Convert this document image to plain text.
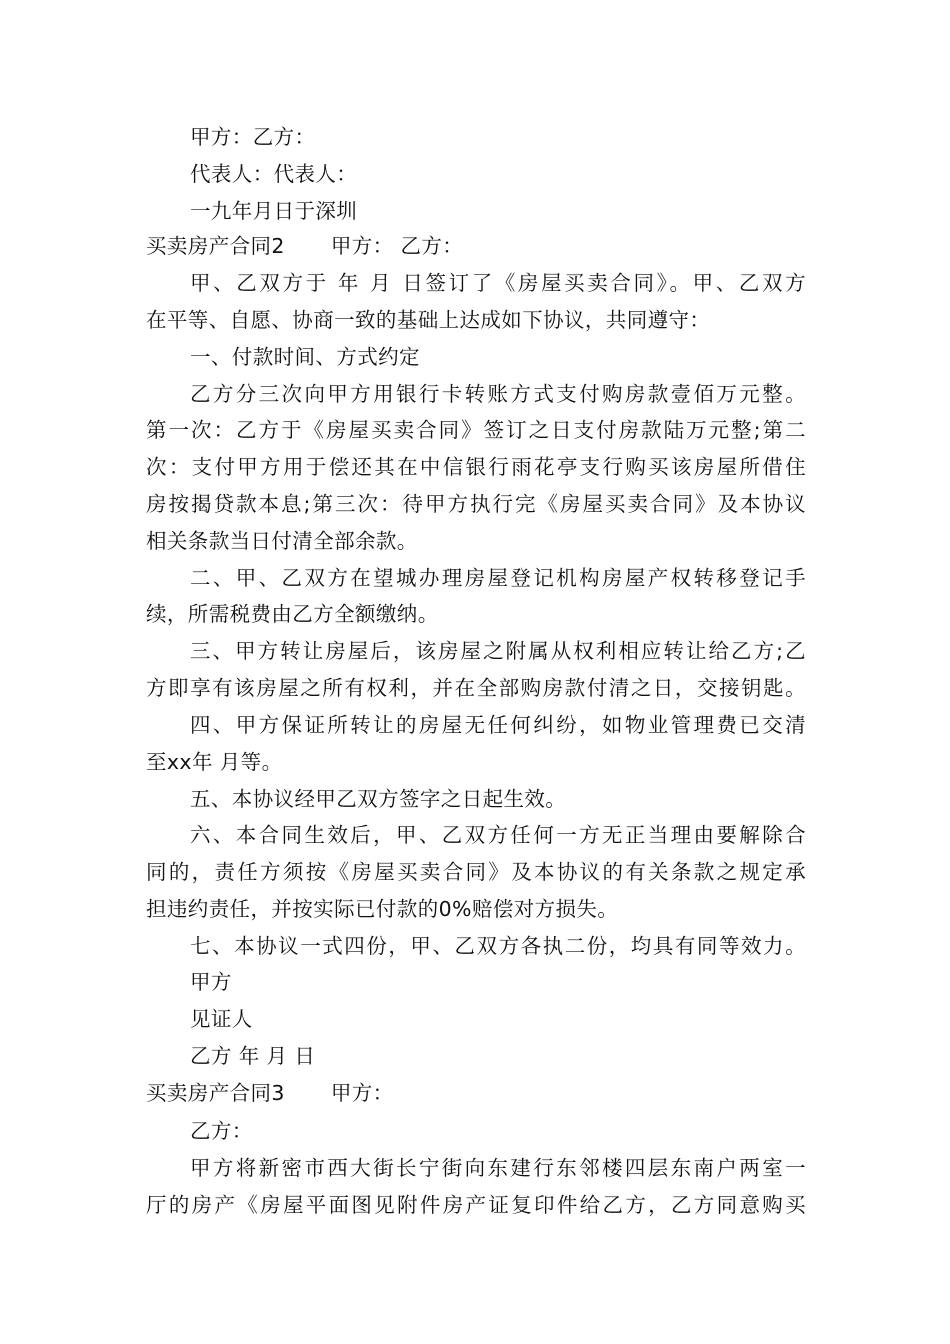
甲方：乙方：
代表人：代表人：
一九年月日于深圳
买卖房产合同2 甲方： 乙方：
甲、乙双方于 年 月 日签订了《房屋买卖合同》。甲、乙双方
在平等、自愿、协商一致的基础上达成如下协议，共同遵守：
一、付款时间、方式约定
乙方分三次向甲方用银行卡转账方式支付购房款壹佰万元整。
第一次：乙方于《房屋买卖合同》签订之日支付房款陆万元整;第二
次：支付甲方用于偿还其在中信银行雨花亭支行购买该房屋所借住
房按揭贷款本息;第三次：待甲方执行完《房屋买卖合同》及本协议
相关条款当日付清全部余款。
二、甲、乙双方在望城办理房屋登记机构房屋产权转移登记手
续，所需税费由乙方全额缴纳。
三、甲方转让房屋后，该房屋之附属从权利相应转让给乙方;乙
方即享有该房屋之所有权利，并在全部购房款付清之日，交接钥匙。
四、甲方保证所转让的房屋无任何纠纷，如物业管理费已交清
至xx年 月等。
五、本协议经甲乙双方签字之日起生效。
六、本合同生效后，甲、乙双方任何一方无正当理由要解除合
同的，责任方须按《房屋买卖合同》及本协议的有关条款之规定承
担违约责任，并按实际已付款的0%赔偿对方损失。
七、本协议一式四份，甲、乙双方各执二份，均具有同等效力。
甲方
见证人
乙方 年 月 日
买卖房产合同3 甲方：
乙方：
甲方将新密市西大街长宁街向东建行东邻楼四层东南户两室一
厅的房产《房屋平面图见附件房产证复印件给乙方，乙方同意购买
